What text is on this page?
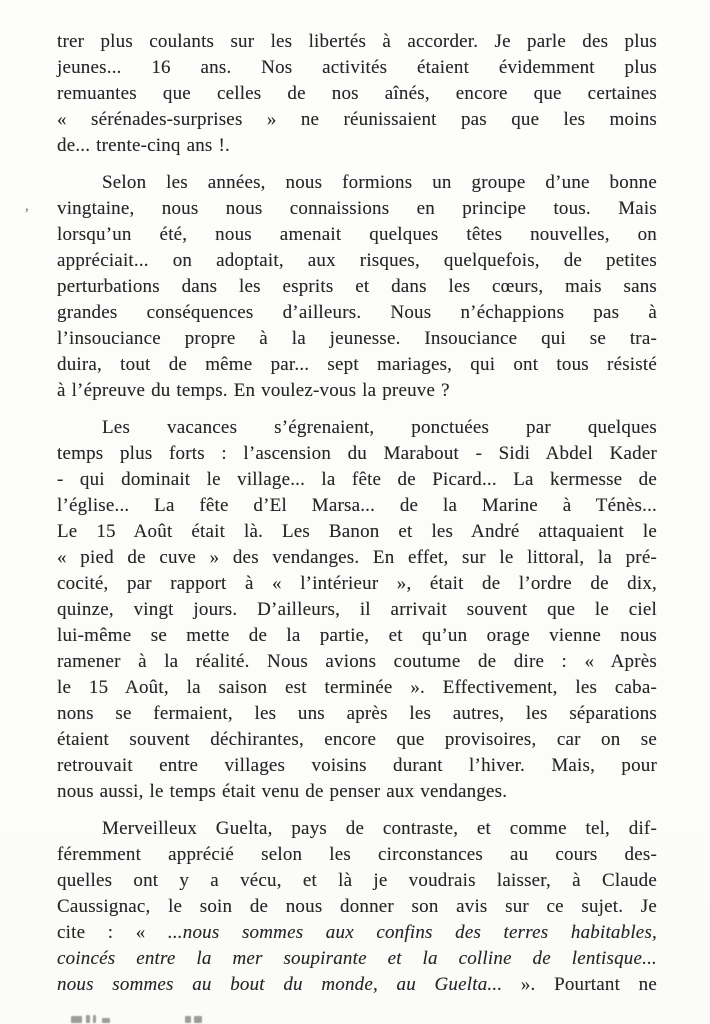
,
trer plus coulants sur les libertés à accorder. Je parle des plus
jeunes... 16 ans. Nos activités étaient évidemment plus
remuantes que celles de nos aînés, encore que certaines
« sérénades-surprises » ne réunissaient pas que les moins
de... trente-cinq ans !.
Selon les années, nous formions un groupe d’une bonne
vingtaine, nous nous connaissions en principe tous. Mais
lorsqu’un été, nous amenait quelques têtes nouvelles, on
appréciait... on adoptait, aux risques, quelquefois, de petites
perturbations dans les esprits et dans les cœurs, mais sans
grandes conséquences d’ailleurs. Nous n’échappions pas à
l’insouciance propre à la jeunesse. Insouciance qui se tra-
duira, tout de même par... sept mariages, qui ont tous résisté
à l’épreuve du temps. En voulez-vous la preuve ?
Les vacances s’égrenaient, ponctuées par quelques
temps plus forts : l’ascension du Marabout - Sidi Abdel Kader
- qui dominait le village... la fête de Picard... La kermesse de
l’église... La fête d’El Marsa... de la Marine à Ténès...
Le 15 Août était là. Les Banon et les André attaquaient le
« pied de cuve » des vendanges. En effet, sur le littoral, la pré-
cocité, par rapport à « l’intérieur », était de l’ordre de dix,
quinze, vingt jours. D’ailleurs, il arrivait souvent que le ciel
lui-même se mette de la partie, et qu’un orage vienne nous
ramener à la réalité. Nous avions coutume de dire : « Après
le 15 Août, la saison est terminée ». Effectivement, les caba-
nons se fermaient, les uns après les autres, les séparations
étaient souvent déchirantes, encore que provisoires, car on se
retrouvait entre villages voisins durant l’hiver. Mais, pour
nous aussi, le temps était venu de penser aux vendanges.
Merveilleux Guelta, pays de contraste, et comme tel, dif-
féremment apprécié selon les circonstances au cours des-
quelles ont y a vécu, et là je voudrais laisser, à Claude
Caussignac, le soin de nous donner son avis sur ce sujet. Je
cite : « ...nous sommes aux confins des terres habitables,
coincés entre la mer soupirante et la colline de lentisque...
nous sommes au bout du monde, au Guelta... ». Pourtant ne
